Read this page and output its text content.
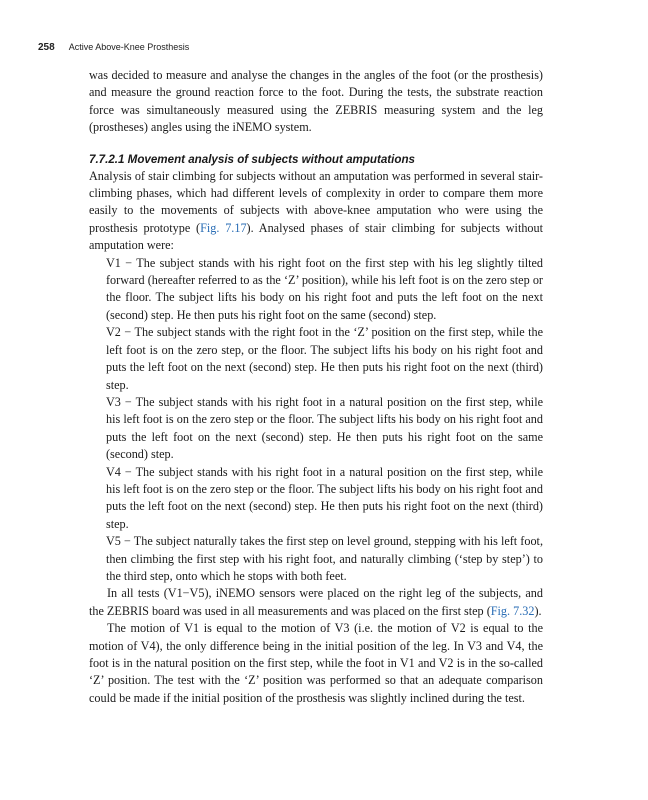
258 Active Above-Knee Prosthesis

was decided to measure and analyse the changes in the angles of the foot (or the prosthesis) and measure the ground reaction force to the foot. During the tests, the substrate reaction force was simultaneously measured using the ZEBRIS measuring system and the leg (prostheses) angles using the iNEMO system.

7.7.2.1 Movement analysis of subjects without amputations

Analysis of stair climbing for subjects without an amputation was performed in several stair-climbing phases, which had different levels of complexity in order to compare them more easily to the movements of subjects with above-knee amputation who were using the prosthesis prototype (Fig. 7.17). Analysed phases of stair climbing for subjects without amputation were:

V1 − The subject stands with his right foot on the first step with his leg slightly tilted forward (hereafter referred to as the ‘Z’ position), while his left foot is on the zero step or the floor. The subject lifts his body on his right foot and puts the left foot on the next (second) step. He then puts his right foot on the same (second) step.

V2 − The subject stands with the right foot in the ‘Z’ position on the first step, while the left foot is on the zero step, or the floor. The subject lifts his body on his right foot and puts the left foot on the next (second) step. He then puts his right foot on the next (third) step.

V3 − The subject stands with his right foot in a natural position on the first step, while his left foot is on the zero step or the floor. The subject lifts his body on his right foot and puts the left foot on the next (second) step. He then puts his right foot on the same (second) step.

V4 − The subject stands with his right foot in a natural position on the first step, while his left foot is on the zero step or the floor. The subject lifts his body on his right foot and puts the left foot on the next (second) step. He then puts his right foot on the next (third) step.

V5 − The subject naturally takes the first step on level ground, stepping with his left foot, then climbing the first step with his right foot, and naturally climbing (‘step by step’) to the third step, onto which he stops with both feet.

In all tests (V1−V5), iNEMO sensors were placed on the right leg of the subjects, and the ZEBRIS board was used in all measurements and was placed on the first step (Fig. 7.32).

The motion of V1 is equal to the motion of V3 (i.e. the motion of V2 is equal to the motion of V4), the only difference being in the initial position of the leg. In V3 and V4, the foot is in the natural position on the first step, while the foot in V1 and V2 is in the so-called ‘Z’ position. The test with the ‘Z’ position was performed so that an adequate comparison could be made if the initial position of the prosthesis was slightly inclined during the test.
